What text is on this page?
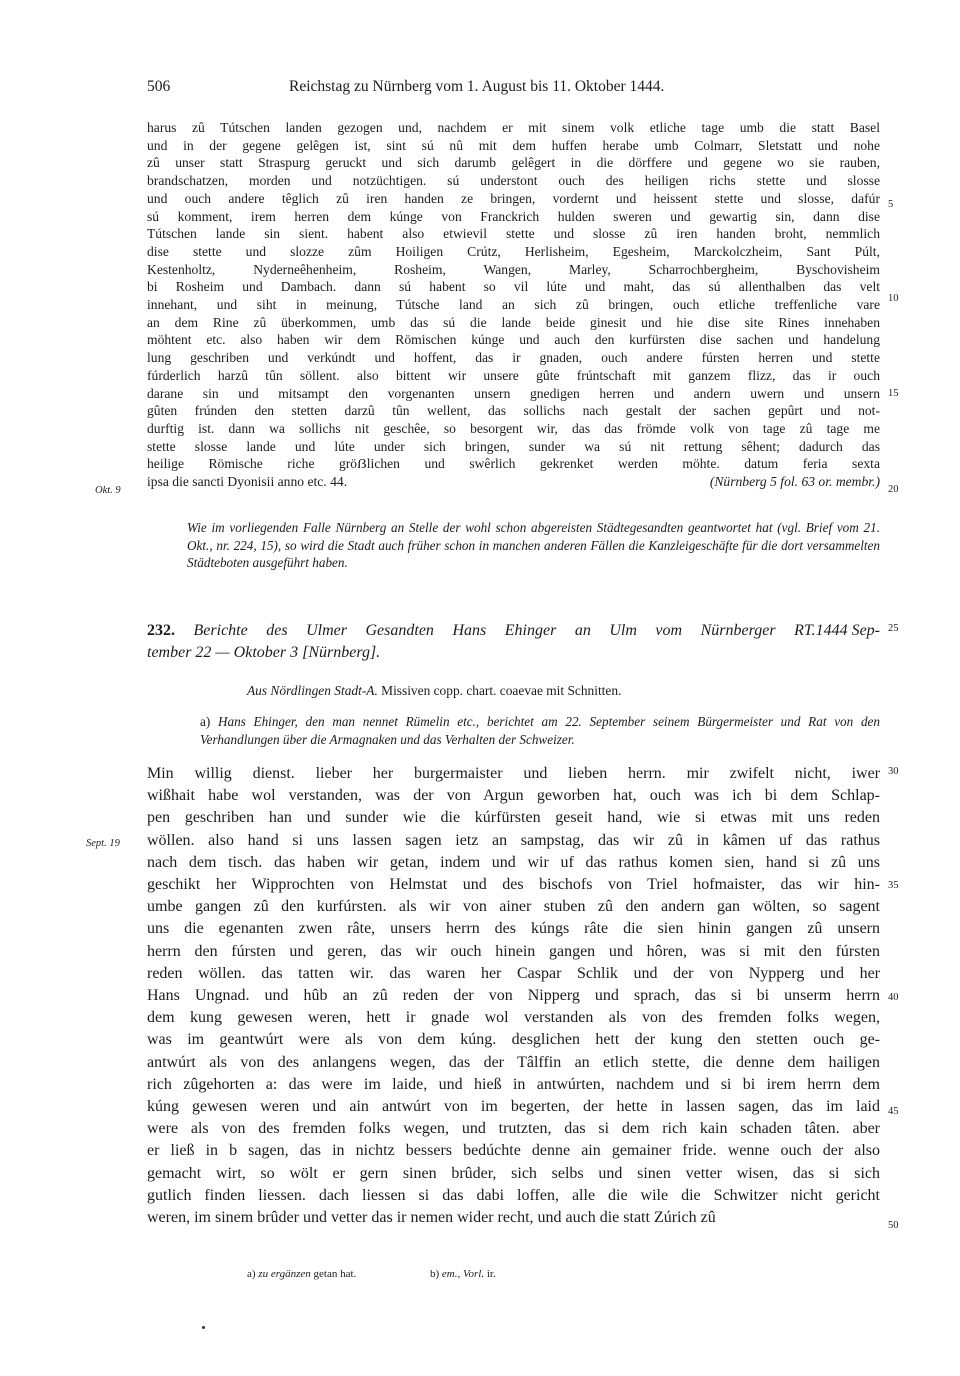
506	Reichstag zu Nürnberg vom 1. August bis 11. Oktober 1444.
harus zû Tútschen landen gezogen und, nachdem er mit sinem volk etliche tage umb die statt Basel
und in der gegene gelêgen ist, sint sú nû mit dem huffen herabe umb Colmarr, Sletstatt und nohe
zû unser statt Straspurg geruckt und sich darumb gelêgert in die dörffere und gegene wo sie rauben,
brandschatzen, morden und notzüchtigen. sú understont ouch des heiligen richs stette und slosse
und ouch andere têglich zû iren handen ze bringen, vordernt und heissent stette und slosse, dafúr
sú komment, irem herren dem kúnge von Franckrich hulden sweren und gewartig sin, dann dise
Tútschen lande sin sient. habent also etwievil stette und slosse zû iren handen broht, nemmlich
dise stette und slozze zûm Hoiligen Crútz, Herlisheim, Egesheim, Marckolczheim, Sant Púlt,
Kestenholtz, Nyderneêhenheim, Rosheim, Wangen, Marley, Scharrochbergheim, Byschovisheim
bi Rosheim und Dambach. dann sú habent so vil lúte und maht, das sú allenthalben das velt
innehant, und siht in meinung, Tútsche land an sich zû bringen, ouch etliche treffenliche vare
an dem Rine zû überkommen, umb das sú die lande beide ginesit und hie dise site Rines innehaben
möhtent etc. also haben wir dem Römischen kúnge und auch den kurfürsten dise sachen und handelung
lung geschriben und verkúndt und hoffent, das ir gnaden, ouch andere fúrsten herren und stette
fúrderlich harzû tûn söllent. also bittent wir unsere gûte frúntschaft mit ganzem flizz, das ir ouch
darane sin und mitsampt den vorgenanten unsern gnedigen herren und andern uwern und unsern
gûten frúnden den stetten darzû tûn wellent, das sollichs nach gestalt der sachen gepûrt und not-
durftig ist. dann wa sollichs nit geschêe, so besorgent wir, das das frömde volk von tage zû tage me
stette slosse lande und lúte under sich bringen, sunder wa sú nit rettung sêhent; dadurch das
heilige Römische riche gröẞlichen und swêrlich gekrenket werden möhte. datum feria sexta
(Nürnberg 5 fol. 63 or. membr.)
ipsa die sancti Dyonisii anno etc. 44.
Wie im vorliegenden Falle Nürnberg an Stelle der wohl schon abgereisten Städtegesandten geantwortet hat (vgl. Brief vom 21. Okt., nr. 224, 15), so wird die Stadt auch früher schon in manchen anderen Fällen die Kanzleigeschäfte für die dort versammelten Städteboten ausgeführt haben.
232. Berichte des Ulmer Gesandten Hans Ehinger an Ulm vom Nürnberger RT. 1444 Sep-
tember 22 — Oktober 3 [Nürnberg].
Aus Nördlingen Stadt-A. Missiven copp. chart. coaevae mit Schnitten.
a) Hans Ehinger, den man nennet Rümelin etc., berichtet am 22. September seinem Bürgermeister und Rat von den Verhandlungen über die Armagnaken und das Verhalten der Schweizer.
Min willig dienst. lieber her burgermaister und lieben herrn. mir zwifelt nicht, iwer
wißhait habe wol verstanden, was der von Argun geworben hat, ouch was ich bi dem Schlap-
pen geschriben han und sunder wie die kúrfürsten geseit hand, wie si etwas mit uns reden
wöllen. also hand si uns lassen sagen ietz an sampstag, das wir zû in kâmen uf das rathus
nach dem tisch. das haben wir getan, indem und wir uf das rathus komen sien, hand si zû uns
geschikt her Wipprochten von Helmstat und des bischofs von Triel hofmaister, das wir hin-
umbe gangen zû den kurfúrsten. als wir von ainer stuben zû den andern gan wölten, so sagent
uns die egenanten zwen râte, unsers herrn des kúngs râte die sien hinin gangen zû unsern
herrn den fúrsten und geren, das wir ouch hinein gangen und hôren, was si mit den fúrsten
reden wöllen. das tatten wir. das waren her Caspar Schlik und der von Nypperg und her
Hans Ungnad. und hûb an zû reden der von Nipperg und sprach, das si bi unserm herrn
dem kung gewesen weren, hett ir gnade wol verstanden als von des fremden folks wegen,
was im geantwúrt were als von dem kúng. desglichen hett der kung den stetten ouch ge-
antwúrt als von des anlangens wegen, das der Tâlffin an etlich stette, die denne dem hailigen
rich zûgehorten a: das were im laide, und hieß in antwúrten, nachdem und si bi irem herrn dem
kúng gewesen weren und ain antwúrt von im begerten, der hette in lassen sagen, das im laid
were als von des fremden folks wegen, und trutzten, das si dem rich kain schaden tâten. aber
er ließ in b sagen, das in nichtz bessers bedúchte denne ain gemainer fride. wenne ouch der also
gemacht wirt, so wölt er gern sinen brûder, sich selbs und sinen vetter wisen, das si sich
gutlich finden liessen. dach liessen si das dabi loffen, alle die wile die Schwitzer nicht gericht
weren, im sinem brûder und vetter das ir nemen wider recht, und auch die statt Zúrich zû
5
10
15
20
25
30
35
40
45
50
Okt. 9
Sept. 19
a) zu ergänzen getan hat.	b) em., Vorl. ir.
